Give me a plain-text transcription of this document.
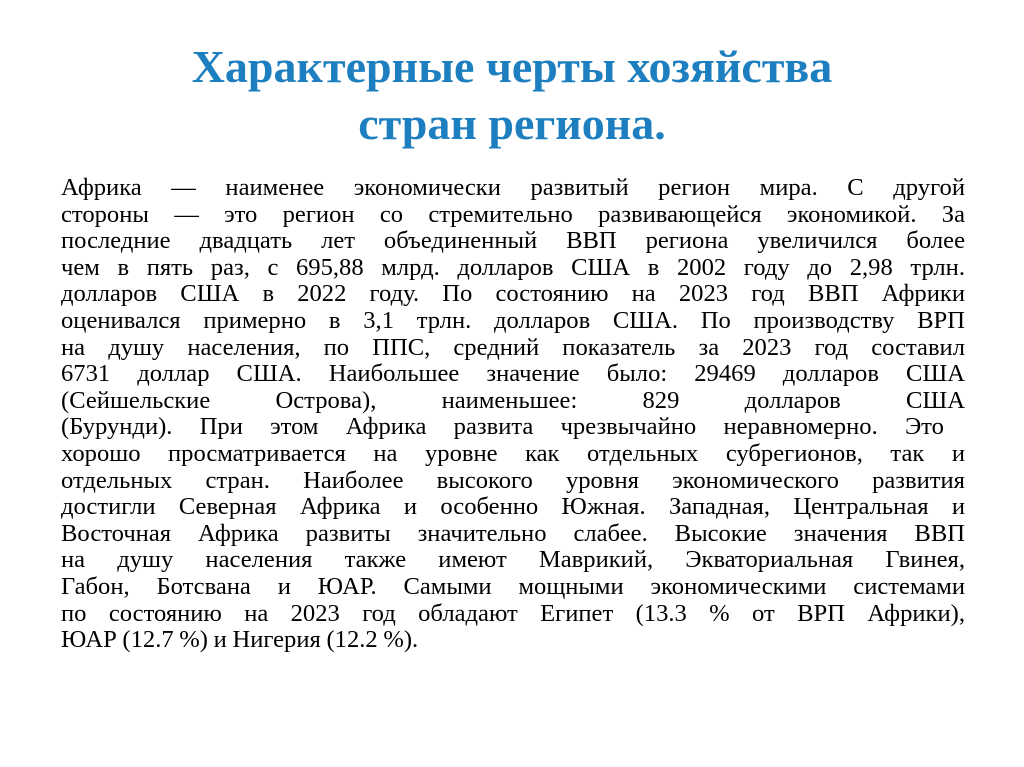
Характерные черты хозяйства
стран региона.
Африка — наименее экономически развитый регион мира. С другой
стороны — это регион со стремительно развивающейся экономикой. За
последние двадцать лет объединенный ВВП региона увеличился более
чем в пять раз, с 695,88 млрд. долларов США в 2002 году до 2,98 трлн.
долларов США в 2022 году. По состоянию на 2023 год ВВП Африки
оценивался примерно в 3,1 трлн. долларов США. По производству ВРП
на душу населения, по ППС, средний показатель за 2023 год составил
6731 доллар США. Наибольшее значение было: 29469 долларов США
(Сейшельские Острова), наименьшее: 829 долларов США
(Бурунди). При этом Африка развита чрезвычайно неравномерно. Это
хорошо просматривается на уровне как отдельных субрегионов, так и
отдельных стран. Наиболее высокого уровня экономического развития
достигли Северная Африка и особенно Южная. Западная, Центральная и
Восточная Африка развиты значительно слабее. Высокие значения ВВП
на душу населения также имеют Маврикий, Экваториальная Гвинея,
Габон, Ботсвана и ЮАР. Самыми мощными экономическими системами
по состоянию на 2023 год обладают Египет (13.3 % от ВРП Африки),
ЮАР (12.7 %) и Нигерия (12.2 %).
